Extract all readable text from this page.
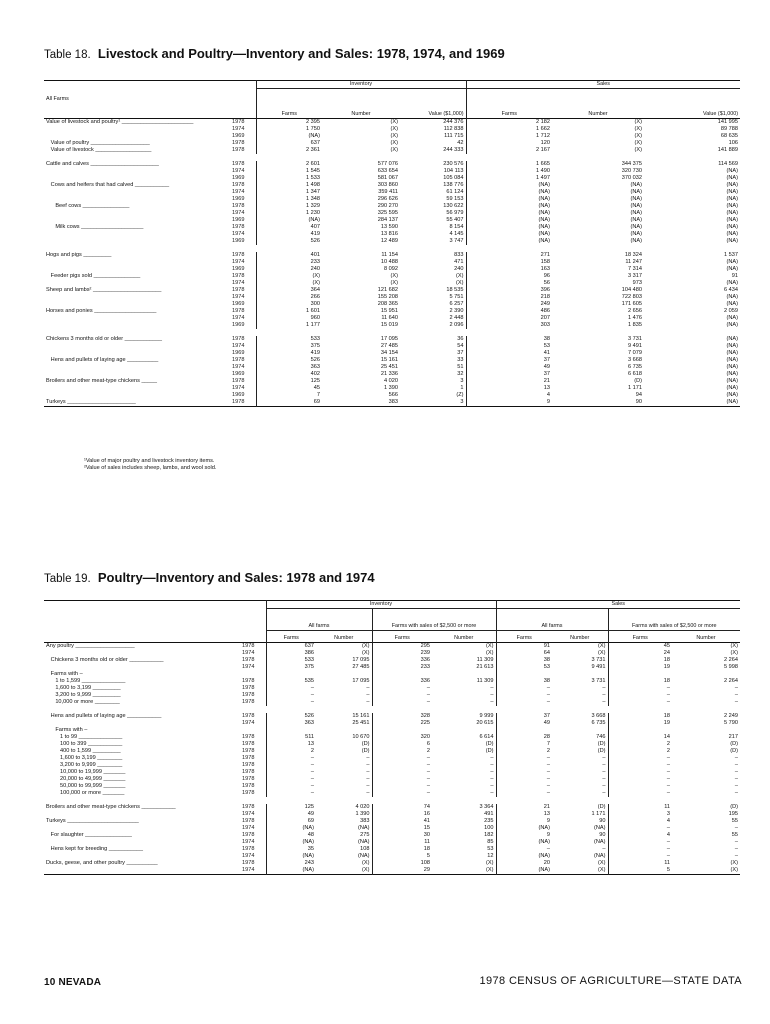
Table 18. Livestock and Poultry—Inventory and Sales: 1978, 1974, and 1969
All Farms		Inventory			Sales		
		Farms	Number	Value ($1,000)	Farms	Number	Value ($1,000)
Value of livestock and poultry¹ _______________________	1978	2 395	(X)	244 376	2 182	(X)	141 995
	1974	1 750	(X)	112 838	1 662	(X)	89 788
	1969	(NA)	(X)	111 715	1 712	(X)	68 635
Value of poultry ___________________	1978	637	(X)	42	120	(X)	106
Value of livestock __________________	1978	2 361	(X)	244 333	2 167	(X)	141 889

Cattle and calves ______________________	1978	2 601	577 076	230 576	1 665	344 375	114 569
	1974	1 545	633 654	104 113	1 490	320 730	(NA)
	1969	1 533	581 067	105 084	1 497	370 032	(NA)
Cows and heifers that had calved ___________	1978	1 498	303 860	138 776	(NA)	(NA)	(NA)
	1974	1 347	359 411	61 124	(NA)	(NA)	(NA)
	1969	1 348	296 626	59 153	(NA)	(NA)	(NA)
Beef cows _______________	1978	1 329	290 270	130 622	(NA)	(NA)	(NA)
	1974	1 230	325 595	56 979	(NA)	(NA)	(NA)
	1969	(NA)	284 137	55 407	(NA)	(NA)	(NA)
Milk cows ____________________	1978	407	13 590	8 154	(NA)	(NA)	(NA)
	1974	419	13 816	4 145	(NA)	(NA)	(NA)
	1969	526	12 489	3 747	(NA)	(NA)	(NA)

Hogs and pigs _________	1978	401	11 154	833	271	18 324	1 537
	1974	233	10 488	471	158	11 247	(NA)
	1969	240	8 092	240	163	7 314	(NA)
Feeder pigs sold _______________	1978	(X)	(X)	(X)	96	3 317	91
	1974	(X)	(X)	(X)	56	973	(NA)
Sheep and lambs² ______________________	1978	364	121 682	18 535	396	104 480	6 434
	1974	266	155 208	5 751	218	722 803	(NA)
	1969	300	208 365	6 257	249	171 605	(NA)
Horses and ponies ____________________	1978	1 601	15 951	2 390	486	2 656	2 059
	1974	960	11 640	2 448	207	1 476	(NA)
	1969	1 177	15 019	2 096	303	1 835	(NA)

Chickens 3 months old or older ____________	1978	533	17 095	36	38	3 731	(NA)
	1974	375	27 485	54	53	9 491	(NA)
	1969	419	34 154	37	41	7 079	(NA)
Hens and pullets of laying age __________	1978	526	15 161	33	37	3 668	(NA)
	1974	363	25 451	51	49	6 735	(NA)
	1969	402	21 336	32	37	6 618	(NA)
Broilers and other meat-type chickens _____	1978	125	4 020	3	21	(D)	(NA)
	1974	45	1 390	1	13	1 171	(NA)
	1969	7	566	(Z)	4	94	(NA)
Turkeys ______________________	1978	69	383	3	9	90	(NA)
¹Value of major poultry and livestock inventory items.
²Value of sales includes sheep, lambs, and wool sold.
Table 19. Poultry—Inventory and Sales: 1978 and 1974
		Inventory				Sales			
		All farms		Farms with sales of $2,500 or more		All farms		Farms with sales of $2,500 or more	
		Farms	Number	Farms	Number	Farms	Number	Farms	Number
Any poultry ___________________	1978	637	(X)	295	(X)	91	(X)	45	(X)
	1974	386	(X)	239	(X)	64	(X)	24	(X)
Chickens 3 months old or older ___________	1978	533	17 095	336	11 309	38	3 731	18	2 264
	1974	375	27 485	233	21 613	53	9 491	19	5 998
Farms with –									
1 to 1,599 ______________	1978	535	17 095	336	11 309	38	3 731	18	2 264
1,600 to 3,199 _________	1978	–	–	–	–	–	–	–	–
3,200 to 9,999 _________	1978	–	–	–	–	–	–	–	–
10,000 or more ________	1978	–	–	–	–	–	–	–	–

Hens and pullets of laying age ___________	1978	526	15 161	328	9 999	37	3 668	18	2 249
	1974	363	25 451	225	20 615	49	6 735	19	5 790
Farms with –									
1 to 99 ______________	1978	511	10 670	320	6 614	28	746	14	217
100 to 399 ___________	1978	13	(D)	6	(D)	7	(D)	2	(D)
400 to 1,599 _________	1978	2	(D)	2	(D)	2	(D)	2	(D)
1,600 to 3,199 ________	1978	–	–	–	–	–	–	–	–
3,200 to 9,999 ________	1978	–	–	–	–	–	–	–	–
10,000 to 19,999 _______	1978	–	–	–	–	–	–	–	–
20,000 to 49,999 _______	1978	–	–	–	–	–	–	–	–
50,000 to 99,999 _______	1978	–	–	–	–	–	–	–	–
100,000 or more _______	1978	–	–	–	–	–	–	–	–

Broilers and other meat-type chickens ___________	1978	125	4 020	74	3 364	21	(D)	11	(D)
	1974	49	1 390	16	491	13	1 171	3	195
Turkeys _______________________	1978	69	383	41	235	9	90	4	55
	1974	(NA)	(NA)	15	100	(NA)	(NA)	–	–
For slaughter _______________	1978	48	275	30	182	9	90	4	55
	1974	(NA)	(NA)	11	85	(NA)	(NA)	–	–
Hens kept for breeding ___________	1978	35	108	18	53	–	–	–	–
	1974	(NA)	(NA)	5	12	(NA)	(NA)	–	–
Ducks, geese, and other poultry __________	1978	243	(X)	108	(X)	20	(X)	11	(X)
	1974	(NA)	(X)	29	(X)	(NA)	(X)	5	(X)
10 NEVADA	1978 CENSUS OF AGRICULTURE—STATE DATA
